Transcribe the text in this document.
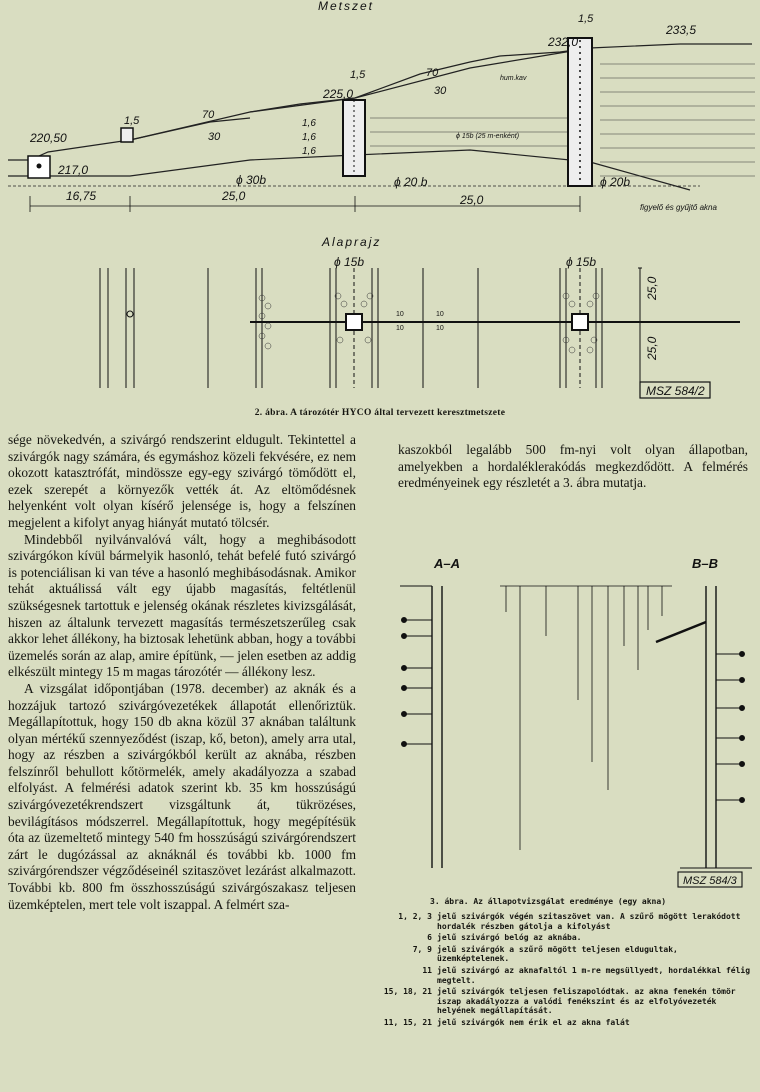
Metszet
233,5
232,0
225,0
220,50
217,0
1,5
1,5
1,5
70
30
70
30
1,6
1,6
1,6
ϕ 30b	ϕ 20 b	ϕ 20b
ϕ 15b (25 m-enként)
hum.kav
16,75	25,0	25,0
figyelő és gyűjtő akna
Alaprajz
ϕ 15b	ϕ 15b
25,0
25,0
10
10
10
10
MSZ 584/2
2. ábra. A tározótér HYCO által tervezett keresztmetszete

sége növekedvén, a szivárgó rendszerint eldugult. Tekintettel a szivárgók nagy számára, és egymáshoz közeli fekvésére, ez nem okozott katasztrófát, mindössze egy-egy szivárgó tömődött el, ezek szerepét a környezők vették át. Az eltömődésnek helyenként volt olyan kísérő jelensége is, hogy a felszínen megjelent a kifolyt anyag hiányát mutató tölcsér.

Mindebből nyilvánvalóvá vált, hogy a meghibásodott szivárgókon kívül bármelyik hasonló, tehát befelé futó szivárgó is potenciálisan ki van téve a hasonló meghibásodásnak. Amikor tehát aktuálissá vált egy újabb magasítás, feltétlenül szükségesnek tartottuk e jelenség okának részletes kivizsgálását, hiszen az általunk tervezett magasítás természetszerűleg csak akkor lehet állékony, ha biztosak lehetünk abban, hogy a további üzemelés során az alap, amire építünk, — jelen esetben az addig elkészült mintegy 15 m magas tározótér — állékony lesz.

A vizsgálat időpontjában (1978. december) az aknák és a hozzájuk tartozó szivárgóvezetékek állapotát ellenőriztük. Megállapítottuk, hogy 150 db akna közül 37 aknában találtunk olyan mértékű szennyeződést (iszap, kő, beton), amely arra utal, hogy az részben a szivárgókból került az aknába, részben felszínről behullott kőtörmelék, amely akadályozza a szabad elfolyást. A felmérési adatok szerint kb. 35 km hosszúságú szivárgóvezetékrendszert vizsgáltunk át, tükrözéses, bevilágításos módszerrel. Megállapítottuk, hogy megépítésük óta az üzemeltető mintegy 540 fm hosszúságú szivárgórendszert zárt le dugózással az aknáknál és további kb. 1000 fm szivárgórendszer végződéseinél szitaszövet lezárást alkalmazott. További kb. 800 fm összhosszúságú szivárgószakasz teljesen üzemképtelen, mert tele volt iszappal. A felmért sza-

kaszokból legalább 500 fm-nyi volt olyan állapotban, amelyekben a hordaléklerakódás megkezdődött. A felmérés eredményeinek egy részletét a 3. ábra mutatja.

A–A	B–B
MSZ 584/3
3. ábra. Az állapotvizsgálat eredménye (egy akna)
1, 2, 3 jelű szivárgók végén szitaszövet van. A szűrő mögött lerakódott hordalék részben gátolja a kifolyást
6 jelű szivárgó belóg az aknába.
7, 9 jelű szivárgók a szűrő mögött teljesen eldugultak, üzemképtelenek.
11 jelű szivárgó az aknafaltól 1 m-re megsüllyedt, hordalékkal félig megtelt.
15, 18, 21 jelű szivárgók teljesen feliszapolódtak. az akna fenekén tömör iszap akadályozza a valódi fenékszint és az elfolyóvezeték helyének megállapítását.
11, 15, 21 jelű szivárgók nem érik el az akna falát
